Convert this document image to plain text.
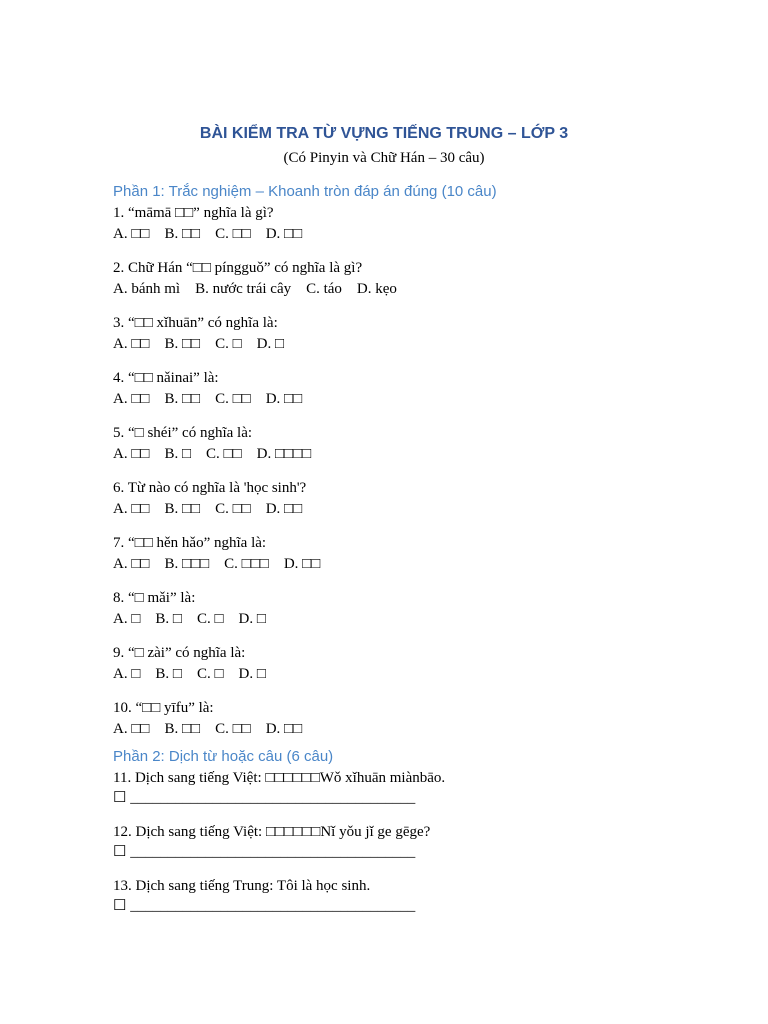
BÀI KIỂM TRA TỪ VỰNG TIẾNG TRUNG – LỚP 3
(Có Pinyin và Chữ Hán – 30 câu)
Phần 1: Trắc nghiệm – Khoanh tròn đáp án đúng (10 câu)
1. “māmā □□” nghĩa là gì?
A. □□    B. □□    C. □□    D. □□
2. Chữ Hán “□□ píngguǒ” có nghĩa là gì?
A. bánh mì    B. nước trái cây    C. táo    D. kẹo
3. “□□ xǐhuān” có nghĩa là:
A. □□    B. □□    C. □    D. □
4. “□□ nǎinai” là:
A. □□    B. □□    C. □□    D. □□
5. “□ shéi” có nghĩa là:
A. □□    B. □    C. □□    D. □□□□
6. Từ nào có nghĩa là 'học sinh'?
A. □□    B. □□    C. □□    D. □□
7. “□□ hěn hǎo” nghĩa là:
A. □□    B. □□□    C. □□□    D. □□
8. “□ mǎi” là:
A. □    B. □    C. □    D. □
9. “□ zài” có nghĩa là:
A. □    B. □    C. □    D. □
10. “□□ yīfu” là:
A. □□    B. □□    C. □□    D. □□
Phần 2: Dịch từ hoặc câu (6 câu)
11. Dịch sang tiếng Việt: □□□□□□Wǒ xǐhuān miànbāo.
☐ ______________________________________
12. Dịch sang tiếng Việt: □□□□□□Nǐ yǒu jǐ ge gēge?
☐ ______________________________________
13. Dịch sang tiếng Trung: Tôi là học sinh.
☐ ______________________________________
